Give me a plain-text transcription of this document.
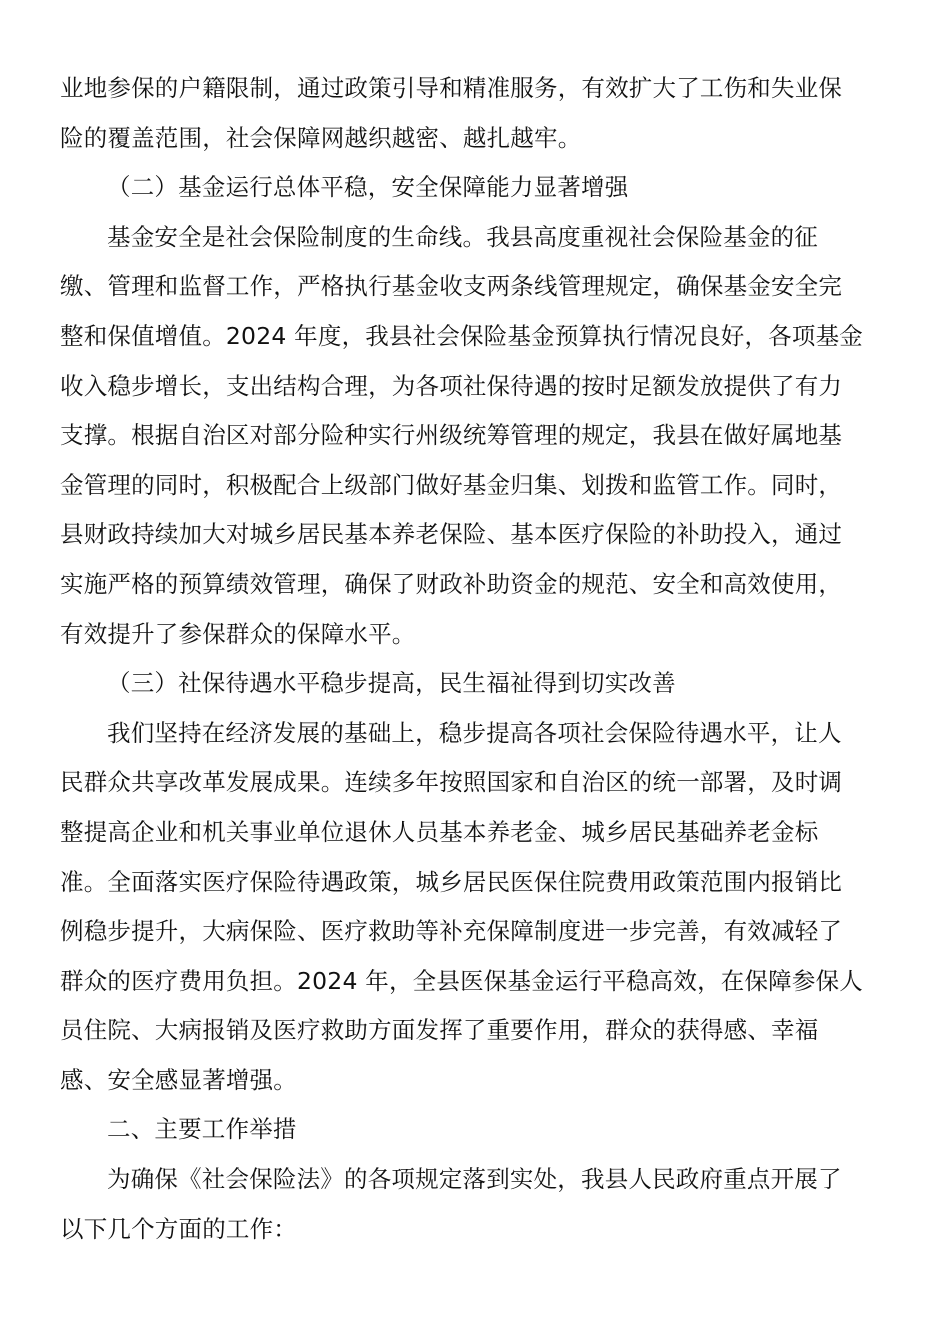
业地参保的户籍限制，通过政策引导和精准服务，有效扩大了工伤和失业保
险的覆盖范围，社会保障网越织越密、越扎越牢。
（二）基金运行总体平稳，安全保障能力显著增强
基金安全是社会保险制度的生命线。我县高度重视社会保险基金的征
缴、管理和监督工作，严格执行基金收支两条线管理规定，确保基金安全完
整和保值增值。2024 年度，我县社会保险基金预算执行情况良好，各项基金
收入稳步增长，支出结构合理，为各项社保待遇的按时足额发放提供了有力
支撑。根据自治区对部分险种实行州级统筹管理的规定，我县在做好属地基
金管理的同时，积极配合上级部门做好基金归集、划拨和监管工作。同时，
县财政持续加大对城乡居民基本养老保险、基本医疗保险的补助投入，通过
实施严格的预算绩效管理，确保了财政补助资金的规范、安全和高效使用，
有效提升了参保群众的保障水平。
（三）社保待遇水平稳步提高，民生福祉得到切实改善
我们坚持在经济发展的基础上，稳步提高各项社会保险待遇水平，让人
民群众共享改革发展成果。连续多年按照国家和自治区的统一部署，及时调
整提高企业和机关事业单位退休人员基本养老金、城乡居民基础养老金标
准。全面落实医疗保险待遇政策，城乡居民医保住院费用政策范围内报销比
例稳步提升，大病保险、医疗救助等补充保障制度进一步完善，有效减轻了
群众的医疗费用负担。2024 年，全县医保基金运行平稳高效，在保障参保人
员住院、大病报销及医疗救助方面发挥了重要作用，群众的获得感、幸福
感、安全感显著增强。
二、主要工作举措
为确保《社会保险法》的各项规定落到实处，我县人民政府重点开展了
以下几个方面的工作：
